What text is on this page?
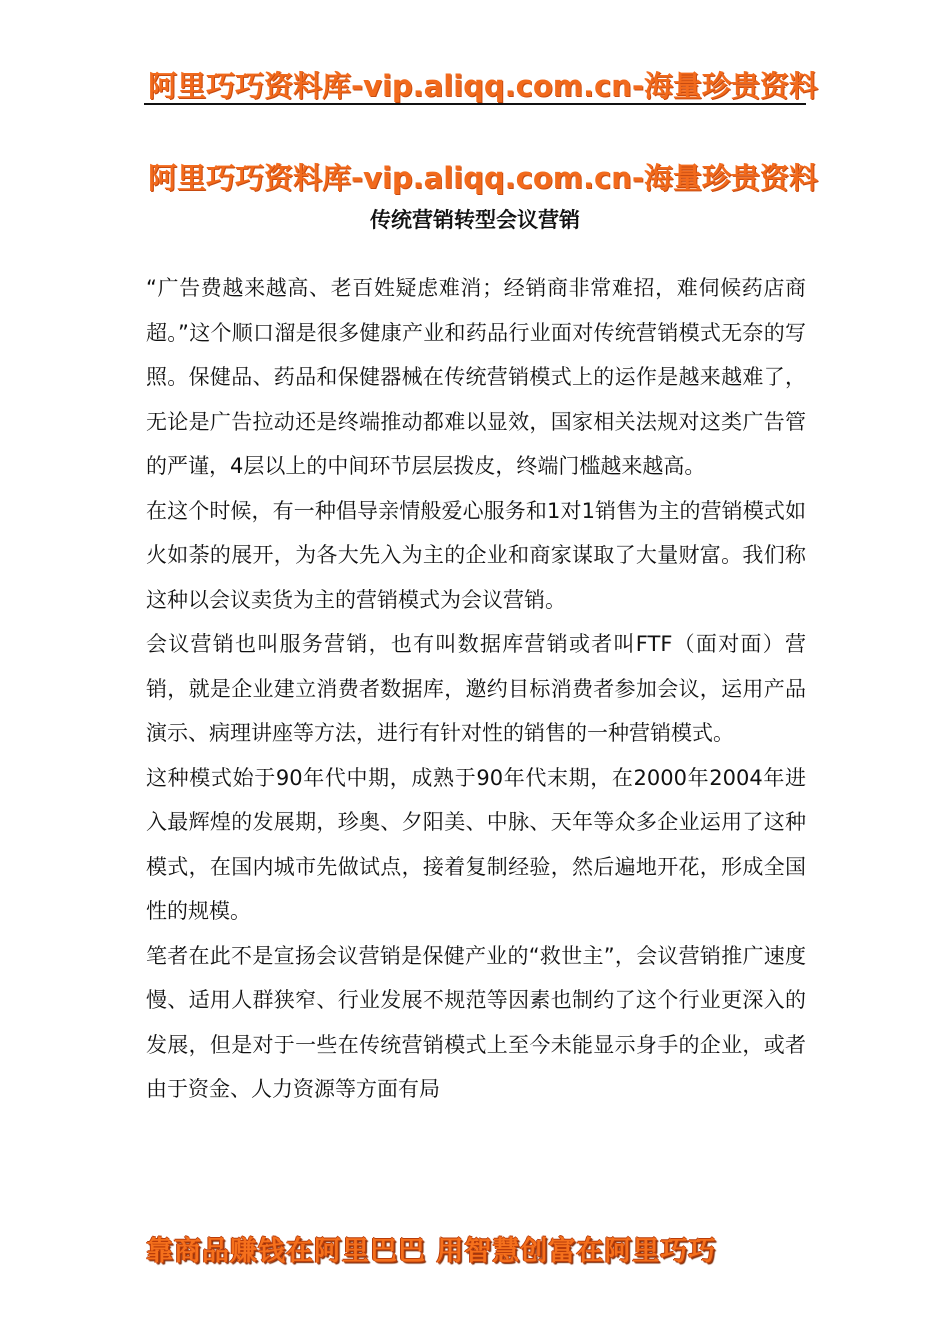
阿里巧巧资料库-vip.aliqq.com.cn-海量珍贵资料
阿里巧巧资料库-vip.aliqq.com.cn-海量珍贵资料
传统营销转型会议营销

“广告费越来越高、老百姓疑虑难消；经销商非常难招，难伺候药店商超。”这个顺口溜是很多健康产业和药品行业面对传统营销模式无奈的写照。保健品、药品和保健器械在传统营销模式上的运作是越来越难了，无论是广告拉动还是终端推动都难以显效，国家相关法规对这类广告管的严谨，4层以上的中间环节层层拨皮，终端门槛越来越高。

在这个时候，有一种倡导亲情般爱心服务和1对1销售为主的营销模式如火如荼的展开，为各大先入为主的企业和商家谋取了大量财富。我们称这种以会议卖货为主的营销模式为会议营销。

会议营销也叫服务营销，也有叫数据库营销或者叫FTF（面对面）营销，就是企业建立消费者数据库，邀约目标消费者参加会议，运用产品演示、病理讲座等方法，进行有针对性的销售的一种营销模式。

这种模式始于90年代中期，成熟于90年代末期，在2000年2004年进入最辉煌的发展期，珍奥、夕阳美、中脉、天年等众多企业运用了这种模式，在国内城市先做试点，接着复制经验，然后遍地开花，形成全国性的规模。

笔者在此不是宣扬会议营销是保健产业的“救世主”，会议营销推广速度慢、适用人群狭窄、行业发展不规范等因素也制约了这个行业更深入的发展，但是对于一些在传统营销模式上至今未能显示身手的企业，或者由于资金、人力资源等方面有局

靠商品赚钱在阿里巴巴 用智慧创富在阿里巧巧
